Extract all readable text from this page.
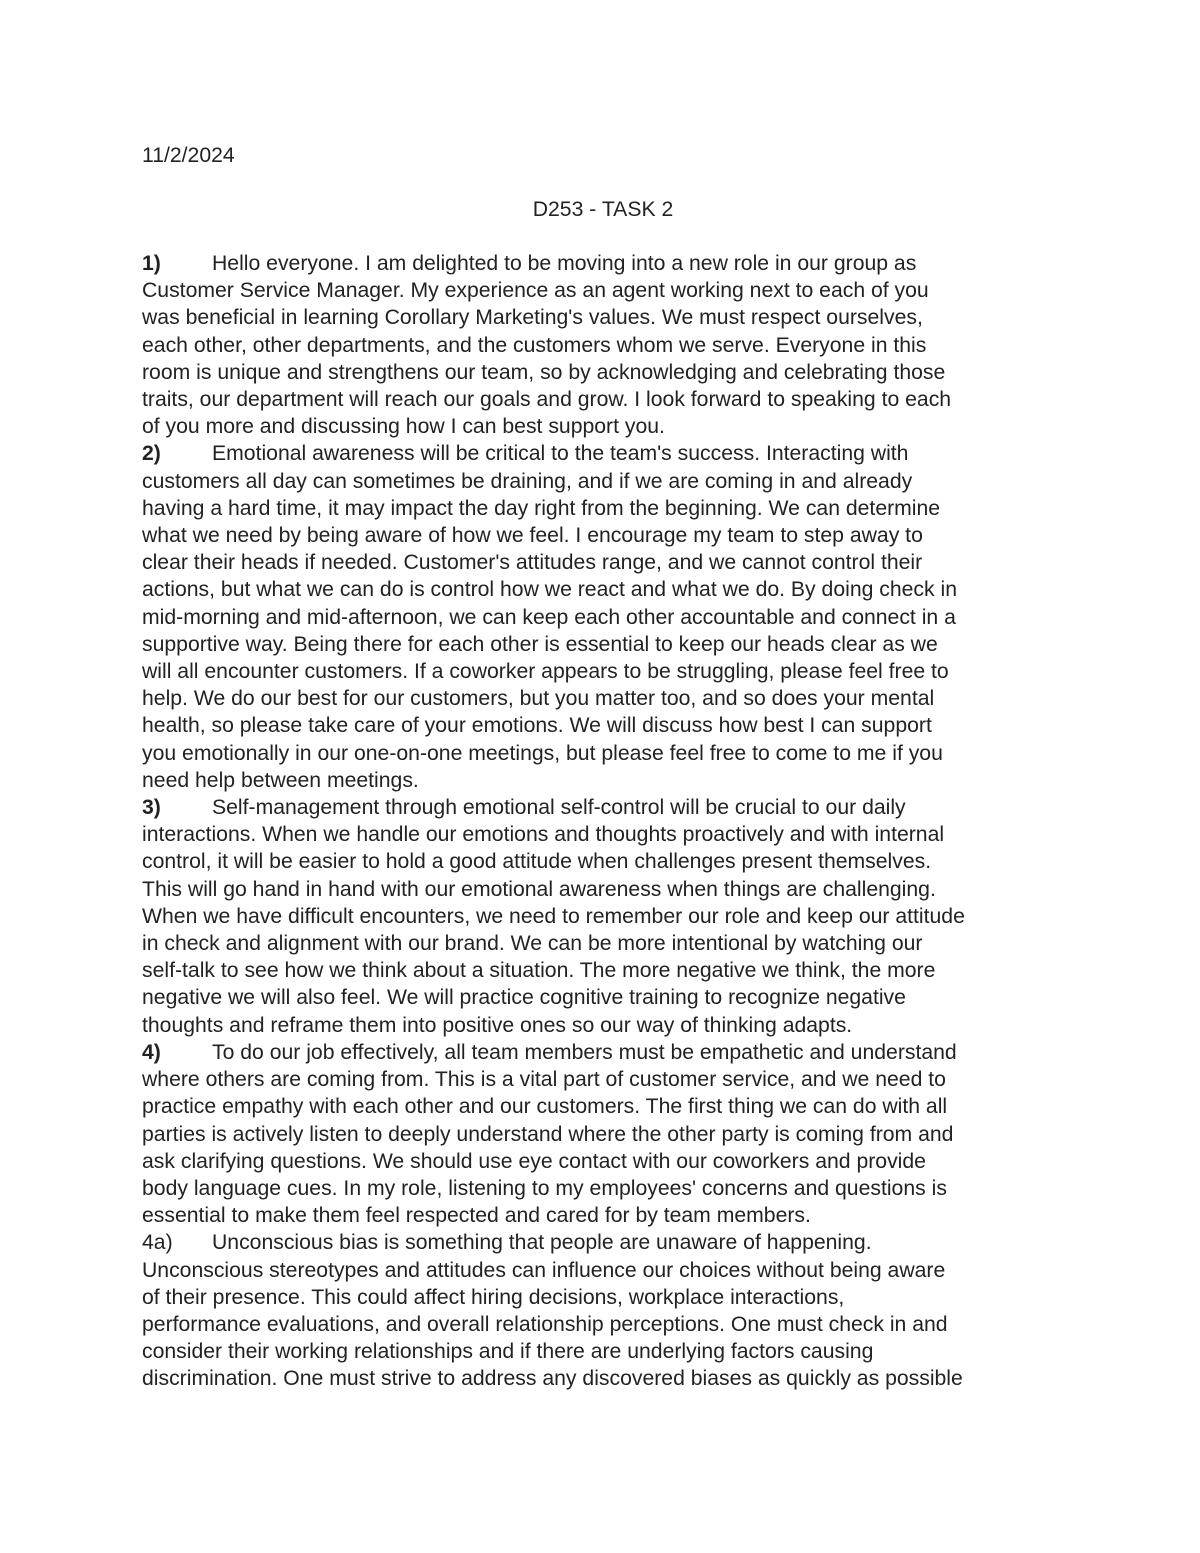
11/2/2024

D253 - TASK 2

1) Hello everyone. I am delighted to be moving into a new role in our group as
Customer Service Manager. My experience as an agent working next to each of you
was beneficial in learning Corollary Marketing's values. We must respect ourselves,
each other, other departments, and the customers whom we serve. Everyone in this
room is unique and strengthens our team, so by acknowledging and celebrating those
traits, our department will reach our goals and grow. I look forward to speaking to each
of you more and discussing how I can best support you.

2) Emotional awareness will be critical to the team's success. Interacting with
customers all day can sometimes be draining, and if we are coming in and already
having a hard time, it may impact the day right from the beginning. We can determine
what we need by being aware of how we feel. I encourage my team to step away to
clear their heads if needed. Customer's attitudes range, and we cannot control their
actions, but what we can do is control how we react and what we do. By doing check in
mid-morning and mid-afternoon, we can keep each other accountable and connect in a
supportive way. Being there for each other is essential to keep our heads clear as we
will all encounter customers. If a coworker appears to be struggling, please feel free to
help. We do our best for our customers, but you matter too, and so does your mental
health, so please take care of your emotions. We will discuss how best I can support
you emotionally in our one-on-one meetings, but please feel free to come to me if you
need help between meetings.

3) Self-management through emotional self-control will be crucial to our daily
interactions. When we handle our emotions and thoughts proactively and with internal
control, it will be easier to hold a good attitude when challenges present themselves.
This will go hand in hand with our emotional awareness when things are challenging.
When we have difficult encounters, we need to remember our role and keep our attitude
in check and alignment with our brand. We can be more intentional by watching our
self-talk to see how we think about a situation. The more negative we think, the more
negative we will also feel. We will practice cognitive training to recognize negative
thoughts and reframe them into positive ones so our way of thinking adapts.

4) To do our job effectively, all team members must be empathetic and understand
where others are coming from. This is a vital part of customer service, and we need to
practice empathy with each other and our customers. The first thing we can do with all
parties is actively listen to deeply understand where the other party is coming from and
ask clarifying questions. We should use eye contact with our coworkers and provide
body language cues. In my role, listening to my employees' concerns and questions is
essential to make them feel respected and cared for by team members.

4a) Unconscious bias is something that people are unaware of happening.
Unconscious stereotypes and attitudes can influence our choices without being aware
of their presence. This could affect hiring decisions, workplace interactions,
performance evaluations, and overall relationship perceptions. One must check in and
consider their working relationships and if there are underlying factors causing
discrimination. One must strive to address any discovered biases as quickly as possible
